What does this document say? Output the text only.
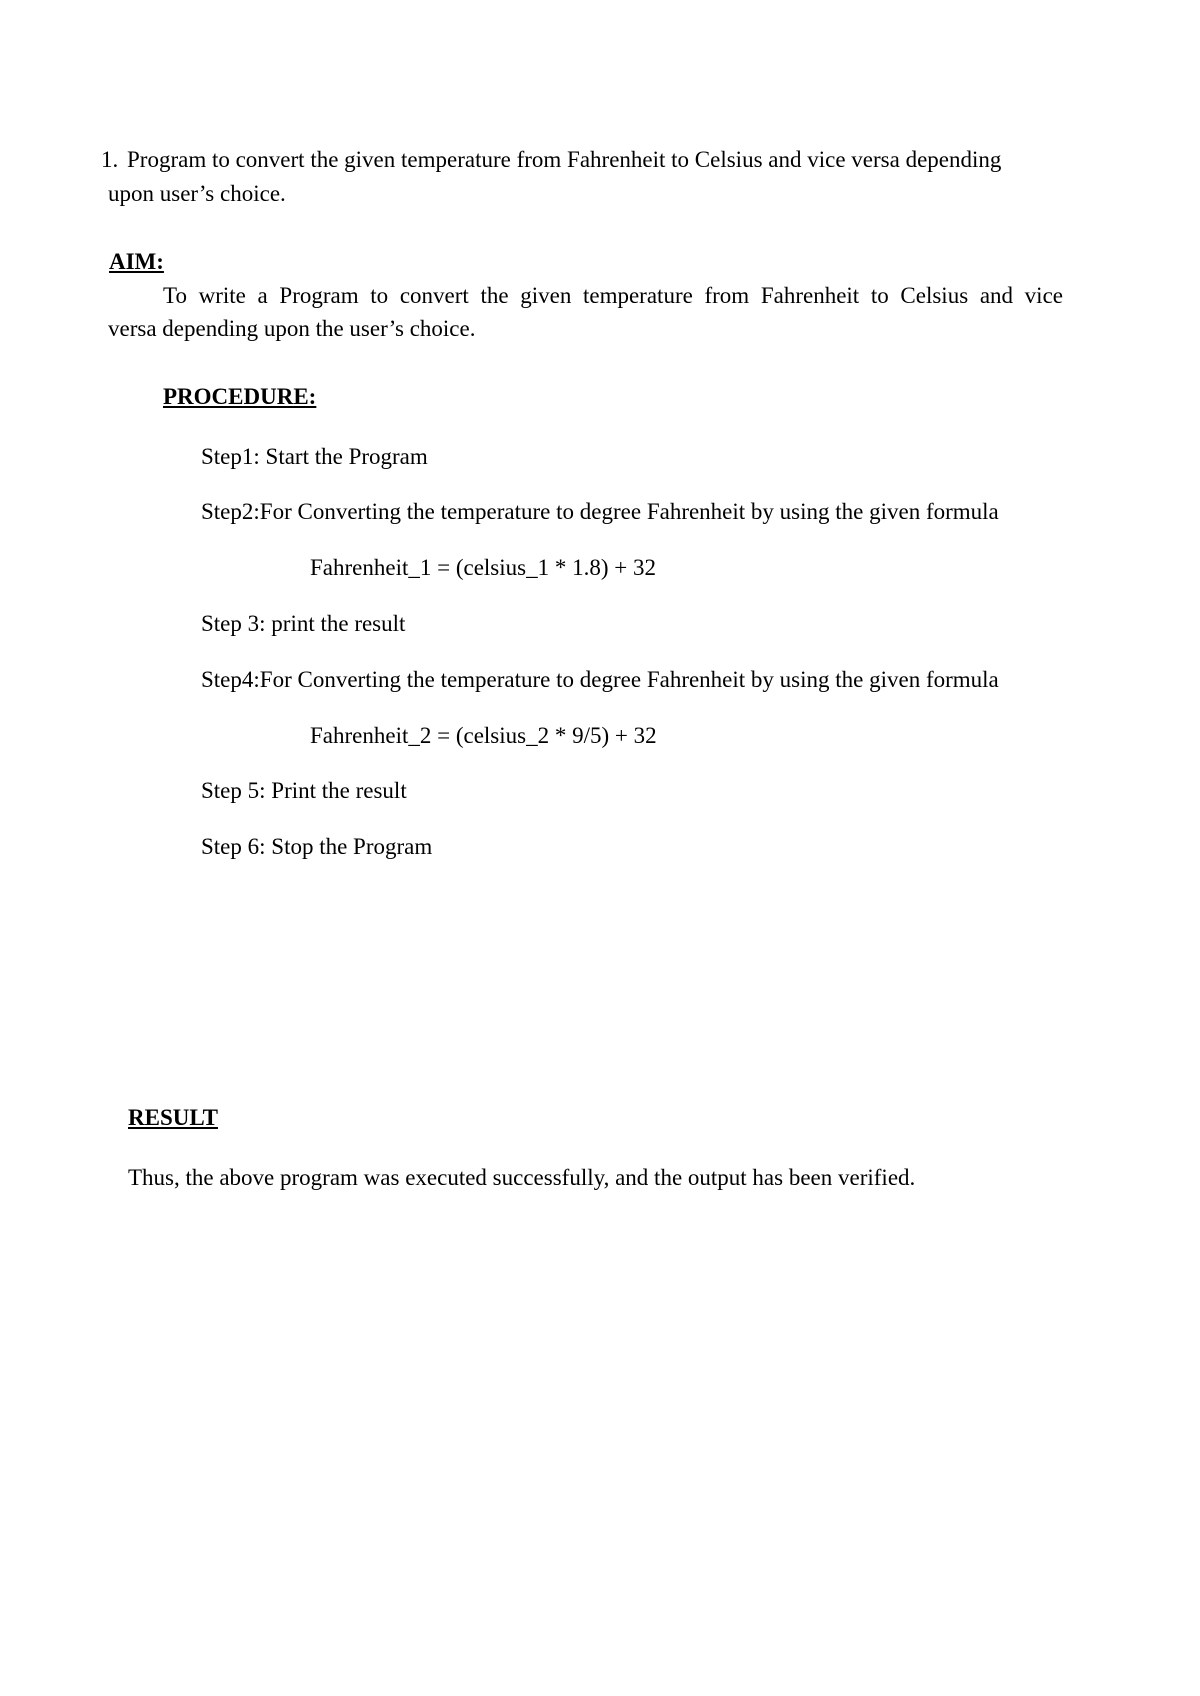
1. Program to convert the given temperature from Fahrenheit to Celsius and vice versa depending
upon user’s choice.
AIM:
To write a Program to convert the given temperature from Fahrenheit to Celsius and vice
versa depending upon the user’s choice.
PROCEDURE:
Step1: Start the Program
Step2:For Converting the temperature to degree Fahrenheit by using the given formula
Fahrenheit_1 = (celsius_1 * 1.8) + 32
Step 3: print the result
Step4:For Converting the temperature to degree Fahrenheit by using the given formula
Fahrenheit_2 = (celsius_2 * 9/5) + 32
Step 5: Print the result
Step 6: Stop the Program
RESULT
Thus, the above program was executed successfully, and the output has been verified.
